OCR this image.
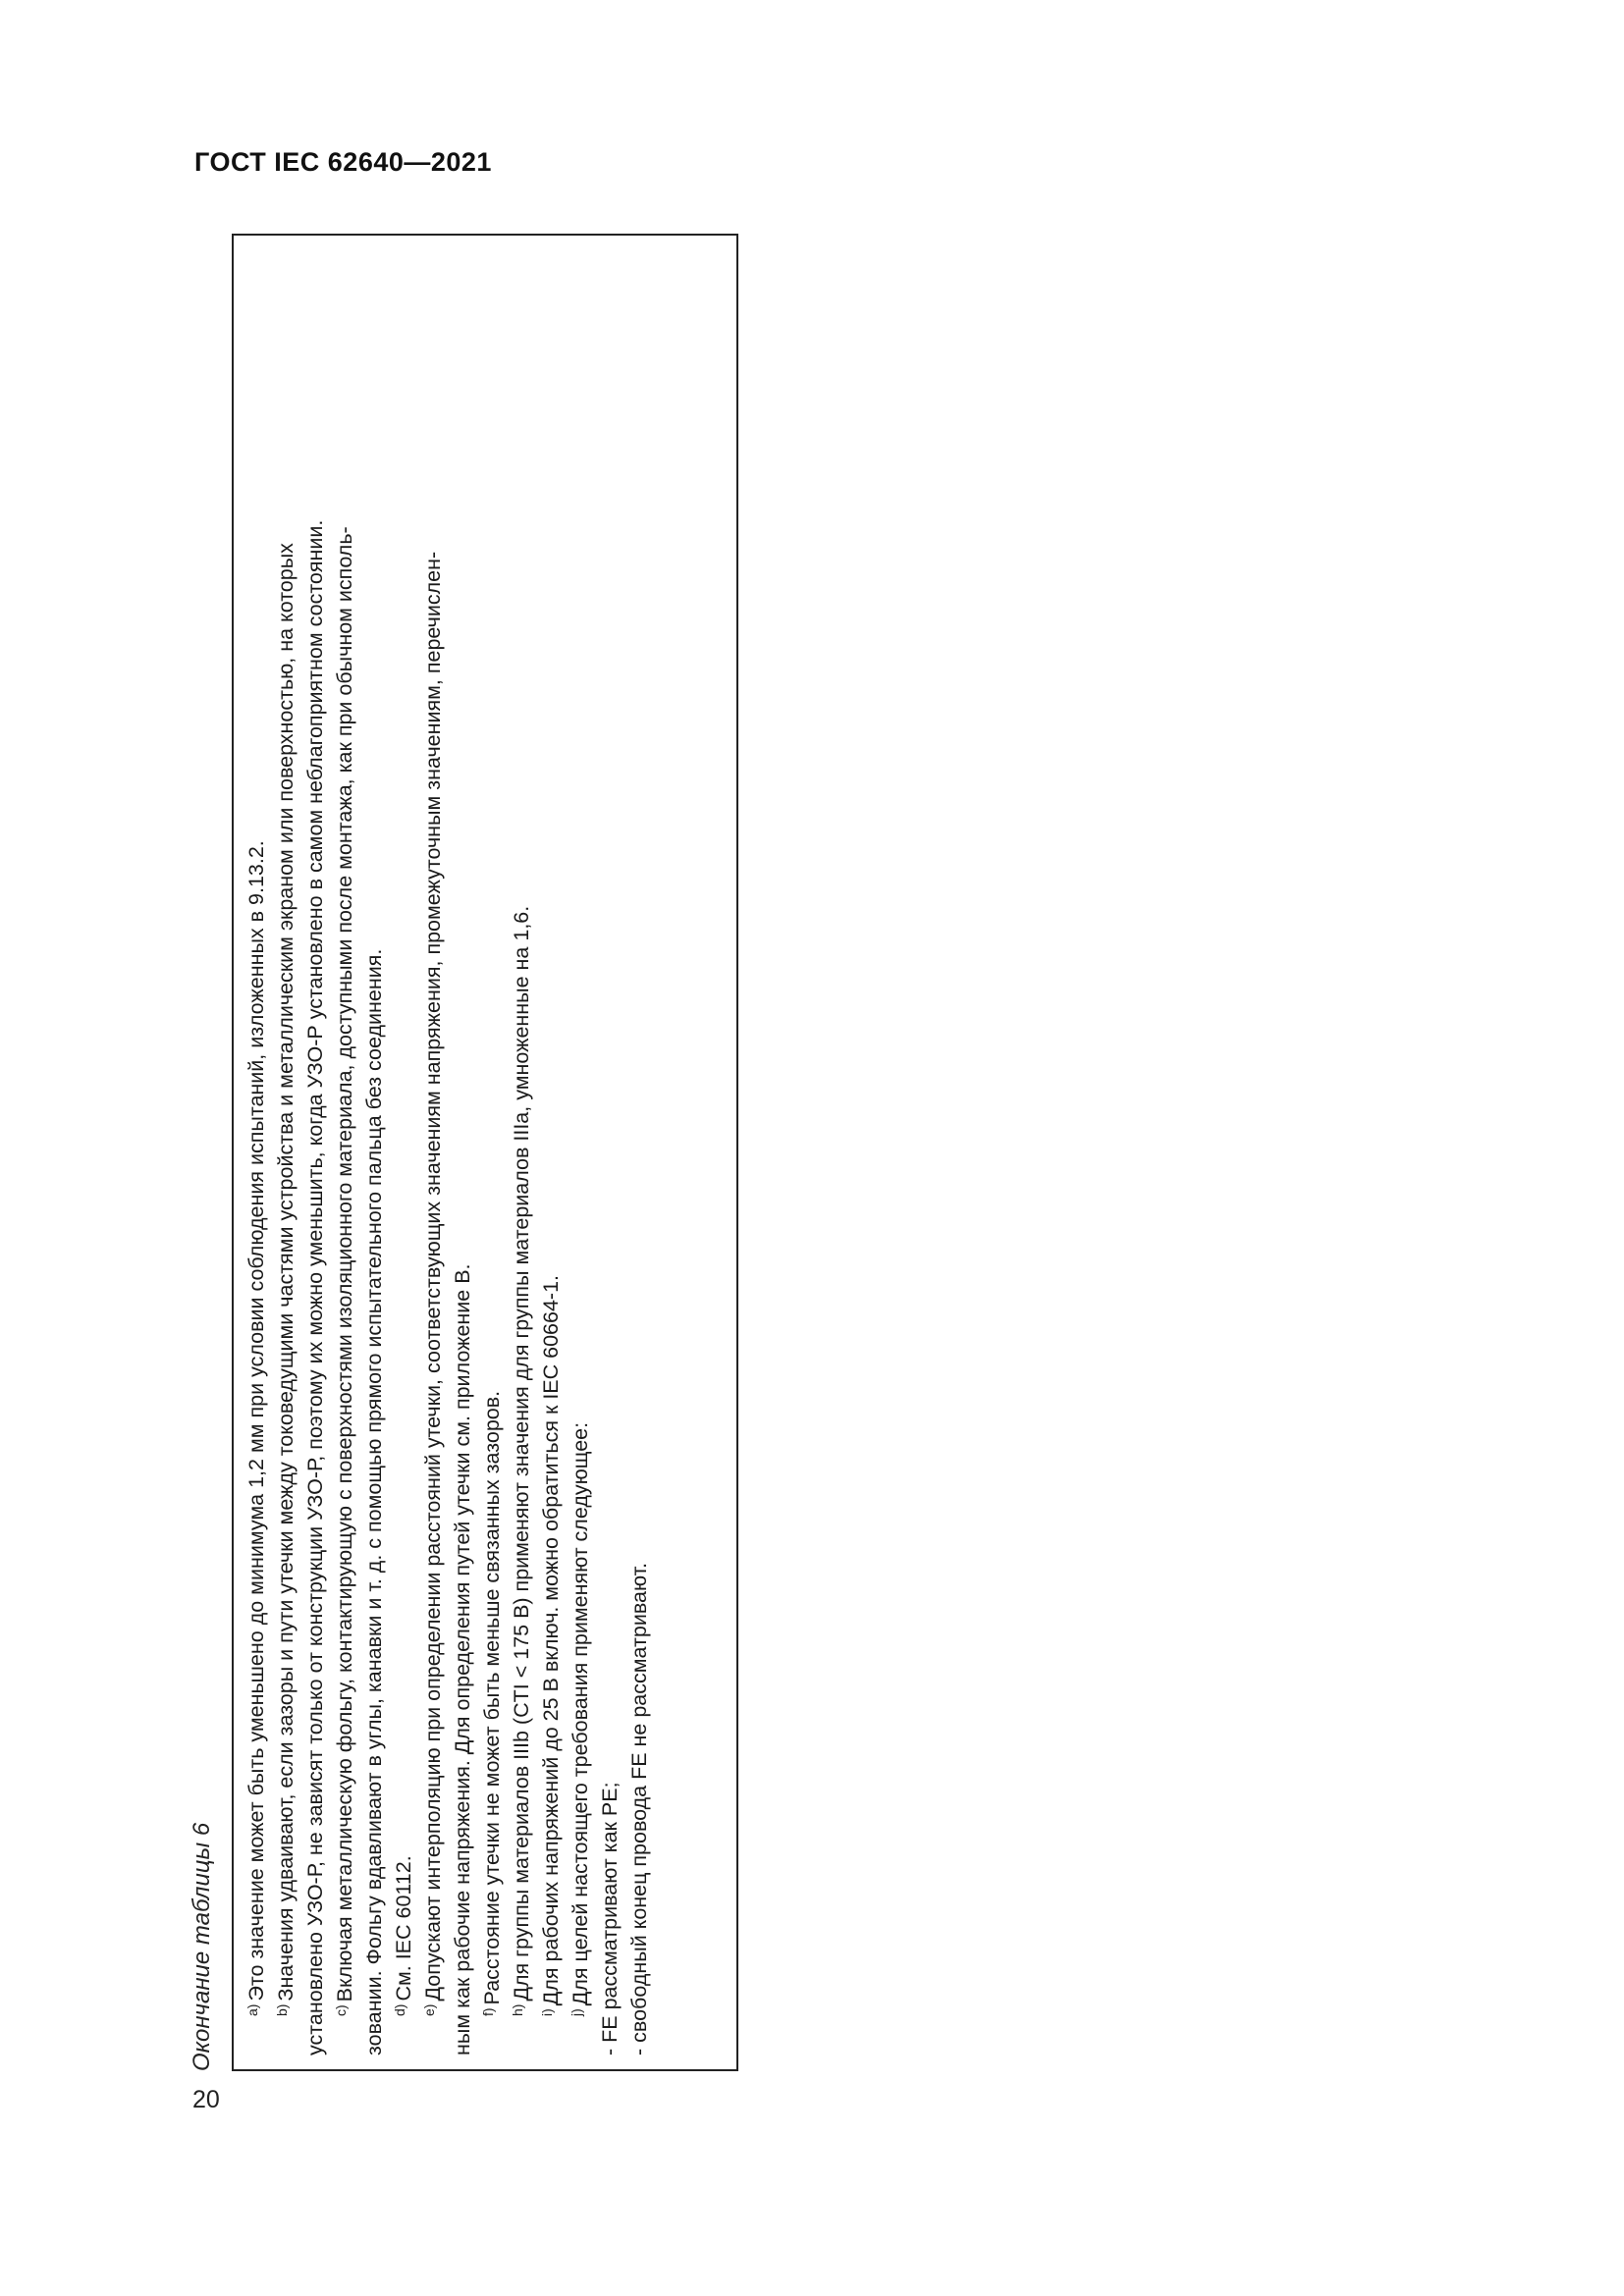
ГОСТ IEC 62640—2021
Окончание таблицы 6 $^{a)}$Это значение может быть уменьшено до минимума 1,2 мм при условии соблюдения испытаний, изложенных в 9.13.2.
$^{b)}$Значения удваивают, если зазоры и пути утечки между токоведущими частями устройства и металлическим экраном или поверхностью, на которых установлено УЗО-Р, не зависят только от конструкции УЗО-Р, поэтому их можно уменьшить, когда УЗО-Р установлено в самом неблагоприятном состоянии. $^{c)}$Включая металлическую фольгу, контактирующую с поверхностями изоляционного материала, доступными после монтажа, как при обычном исполь- зовании. Фольгу вдавливают в углы, канавки и т. д. с помощью прямого испытательного пальца без соединения. $^{d)}$См. IEC 60112.
$^{e)}$Допускают интерполяцию при определении расстояний утечки, соответствующих значениям напряжения, промежуточным значениям, перечислен- ным как рабочие напряжения. Для определения путей утечки см. приложение В. $^{f)}$Расстояние утечки не может быть меньше связанных зазоров.
$^{h)}$Для группы материалов IIIb (CTI < 175 В) применяют значения для группы материалов IIIa, умноженные на 1,6.
$^{i)}$Для рабочих напряжений до 25 В включ. можно обратиться к IEC 60664-1.
$^{j)}$Для целей настоящего требования применяют следующее: - FE рассматривают как PE; - свободный конец провода FE не рассматривают.
20
